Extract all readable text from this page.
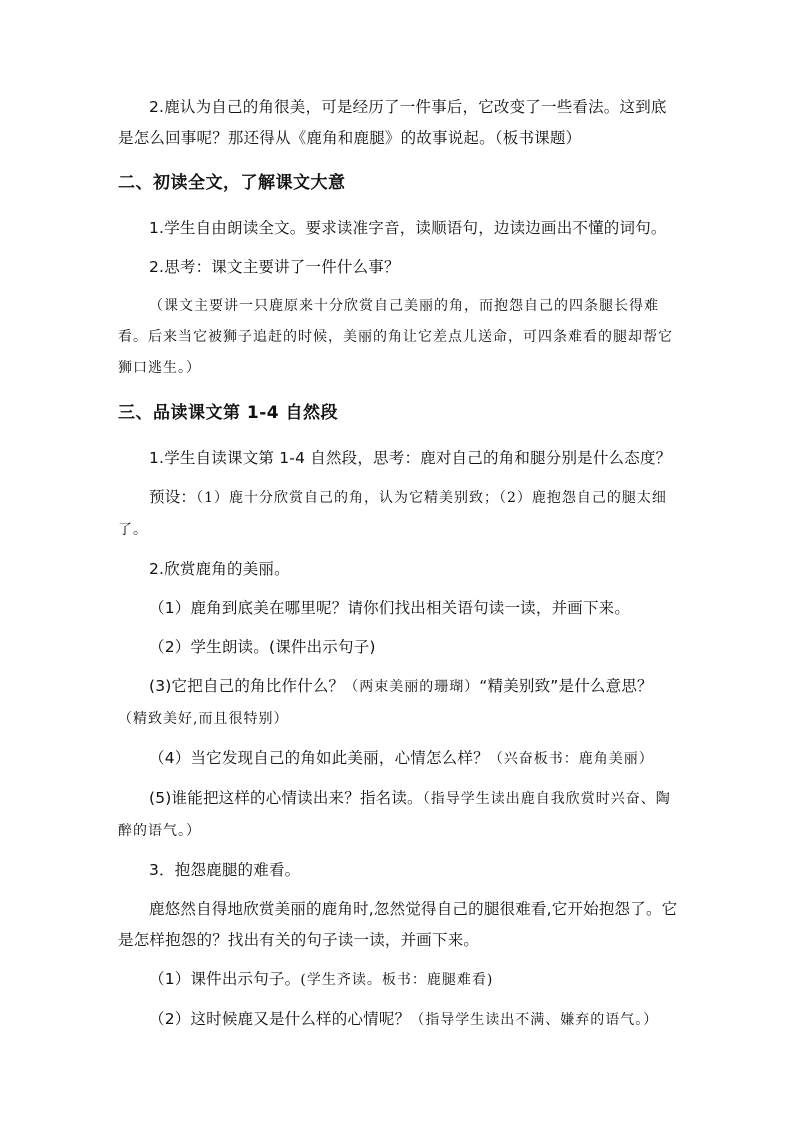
2.鹿认为自己的角很美，可是经历了一件事后，它改变了一些看法。这到底是怎么回事呢？那还得从《鹿角和鹿腿》的故事说起。（板书课题）

二、初读全文，了解课文大意

1.学生自由朗读全文。要求读准字音，读顺语句，边读边画出不懂的词句。

2.思考：课文主要讲了一件什么事？

（课文主要讲一只鹿原来十分欣赏自己美丽的角，而抱怨自己的四条腿长得难看。后来当它被狮子追赶的时候，美丽的角让它差点儿送命，可四条难看的腿却帮它狮口逃生。）

三、品读课文第 1-4 自然段

1.学生自读课文第 1-4 自然段，思考：鹿对自己的角和腿分别是什么态度？

预设：（1）鹿十分欣赏自己的角，认为它精美别致；（2）鹿抱怨自己的腿太细了。

2.欣赏鹿角的美丽。

（1）鹿角到底美在哪里呢？请你们找出相关语句读一读，并画下来。

（2）学生朗读。(课件出示句子)

(3)它把自己的角比作什么？（两束美丽的珊瑚）“精美别致”是什么意思？（精致美好,而且很特别）

（4）当它发现自己的角如此美丽，心情怎么样？（兴奋板书：鹿角美丽）

(5)谁能把这样的心情读出来？指名读。（指导学生读出鹿自我欣赏时兴奋、陶醉的语气。）

3．抱怨鹿腿的难看。

鹿悠然自得地欣赏美丽的鹿角时,忽然觉得自己的腿很难看,它开始抱怨了。它是怎样抱怨的？找出有关的句子读一读，并画下来。

（1）课件出示句子。(学生齐读。板书：鹿腿难看)

（2）这时候鹿又是什么样的心情呢？（指导学生读出不满、嫌弃的语气。）
